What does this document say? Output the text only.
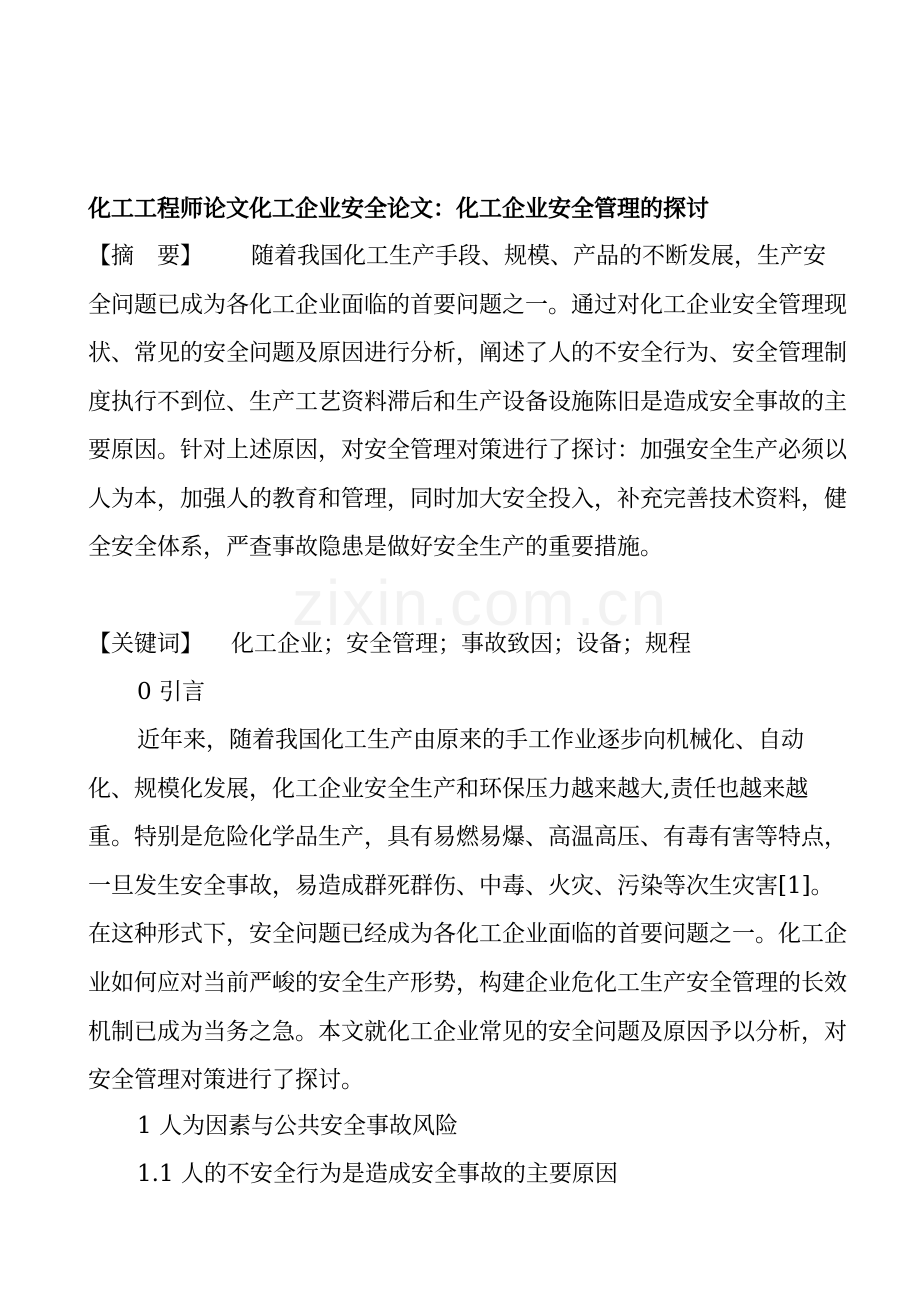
zixin.com.cn
化工工程师论文化工企业安全论文：化工企业安全管理的探讨
【摘　要】 随着我国化工生产手段、规模、产品的不断发展，生产安全问题已成为各化工企业面临的首要问题之一。通过对化工企业安全管理现状、常见的安全问题及原因进行分析，阐述了人的不安全行为、安全管理制度执行不到位、生产工艺资料滞后和生产设备设施陈旧是造成安全事故的主要原因。针对上述原因，对安全管理对策进行了探讨：加强安全生产必须以人为本，加强人的教育和管理，同时加大安全投入，补充完善技术资料，健全安全体系，严查事故隐患是做好安全生产的重要措施。
【关键词】 化工企业；安全管理；事故致因；设备；规程
0 引言
近年来，随着我国化工生产由原来的手工作业逐步向机械化、自动化、规模化发展，化工企业安全生产和环保压力越来越大,责任也越来越重。特别是危险化学品生产，具有易燃易爆、高温高压、有毒有害等特点，一旦发生安全事故，易造成群死群伤、中毒、火灾、污染等次生灾害[1]。在这种形式下，安全问题已经成为各化工企业面临的首要问题之一。化工企业如何应对当前严峻的安全生产形势，构建企业危化工生产安全管理的长效机制已成为当务之急。本文就化工企业常见的安全问题及原因予以分析，对安全管理对策进行了探讨。
1 人为因素与公共安全事故风险
1.1 人的不安全行为是造成安全事故的主要原因
